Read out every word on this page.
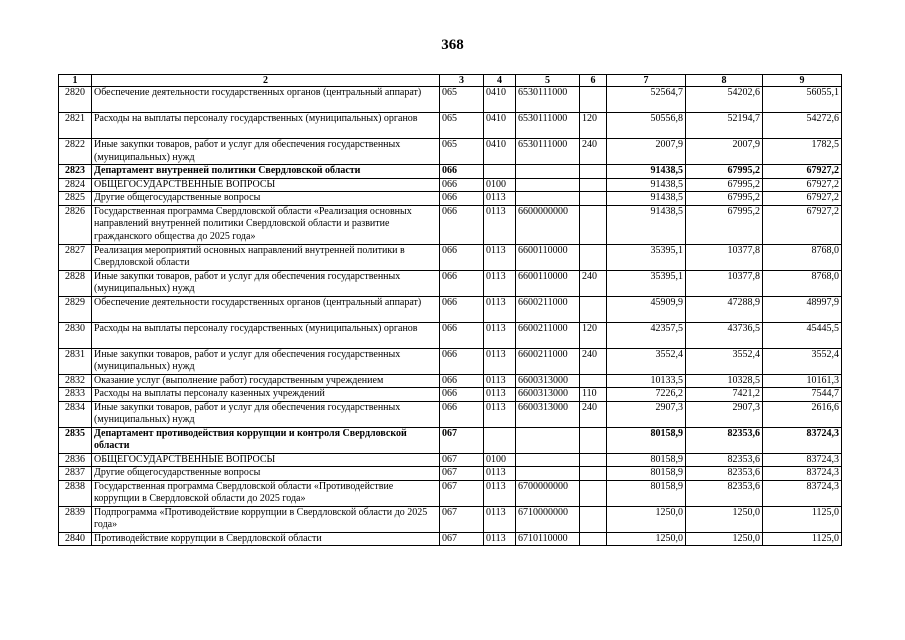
368
1	2	3	4	5	6	7	8	9
2820	Обеспечение деятельности государственных органов (центральный аппарат)	065	0410	6530111000		52564,7	54202,6	56055,1
2821	Расходы на выплаты персоналу государственных (муниципальных) органов	065	0410	6530111000	120	50556,8	52194,7	54272,6
2822	Иные закупки товаров, работ и услуг для обеспечения государственных (муниципальных) нужд	065	0410	6530111000	240	2007,9	2007,9	1782,5
2823	Департамент внутренней политики Свердловской области	066				91438,5	67995,2	67927,2
2824	ОБЩЕГОСУДАРСТВЕННЫЕ ВОПРОСЫ	066	0100			91438,5	67995,2	67927,2
2825	Другие общегосударственные вопросы	066	0113			91438,5	67995,2	67927,2
2826	Государственная программа Свердловской области «Реализация основных направлений внутренней политики Свердловской области и развитие гражданского общества до 2025 года»	066	0113	6600000000		91438,5	67995,2	67927,2
2827	Реализация мероприятий основных направлений внутренней политики в Свердловской области	066	0113	6600110000		35395,1	10377,8	8768,0
2828	Иные закупки товаров, работ и услуг для обеспечения государственных (муниципальных) нужд	066	0113	6600110000	240	35395,1	10377,8	8768,0
2829	Обеспечение деятельности государственных органов (центральный аппарат)	066	0113	6600211000		45909,9	47288,9	48997,9
2830	Расходы на выплаты персоналу государственных (муниципальных) органов	066	0113	6600211000	120	42357,5	43736,5	45445,5
2831	Иные закупки товаров, работ и услуг для обеспечения государственных (муниципальных) нужд	066	0113	6600211000	240	3552,4	3552,4	3552,4
2832	Оказание услуг (выполнение работ) государственным учреждением	066	0113	6600313000		10133,5	10328,5	10161,3
2833	Расходы на выплаты персоналу казенных учреждений	066	0113	6600313000	110	7226,2	7421,2	7544,7
2834	Иные закупки товаров, работ и услуг для обеспечения государственных (муниципальных) нужд	066	0113	6600313000	240	2907,3	2907,3	2616,6
2835	Департамент противодействия коррупции и контроля Свердловской области	067				80158,9	82353,6	83724,3
2836	ОБЩЕГОСУДАРСТВЕННЫЕ ВОПРОСЫ	067	0100			80158,9	82353,6	83724,3
2837	Другие общегосударственные вопросы	067	0113			80158,9	82353,6	83724,3
2838	Государственная программа Свердловской области «Противодействие коррупции в Свердловской области до 2025 года»	067	0113	6700000000		80158,9	82353,6	83724,3
2839	Подпрограмма «Противодействие коррупции в Свердловской области до 2025 года»	067	0113	6710000000		1250,0	1250,0	1125,0
2840	Противодействие коррупции в Свердловской области	067	0113	6710110000		1250,0	1250,0	1125,0
